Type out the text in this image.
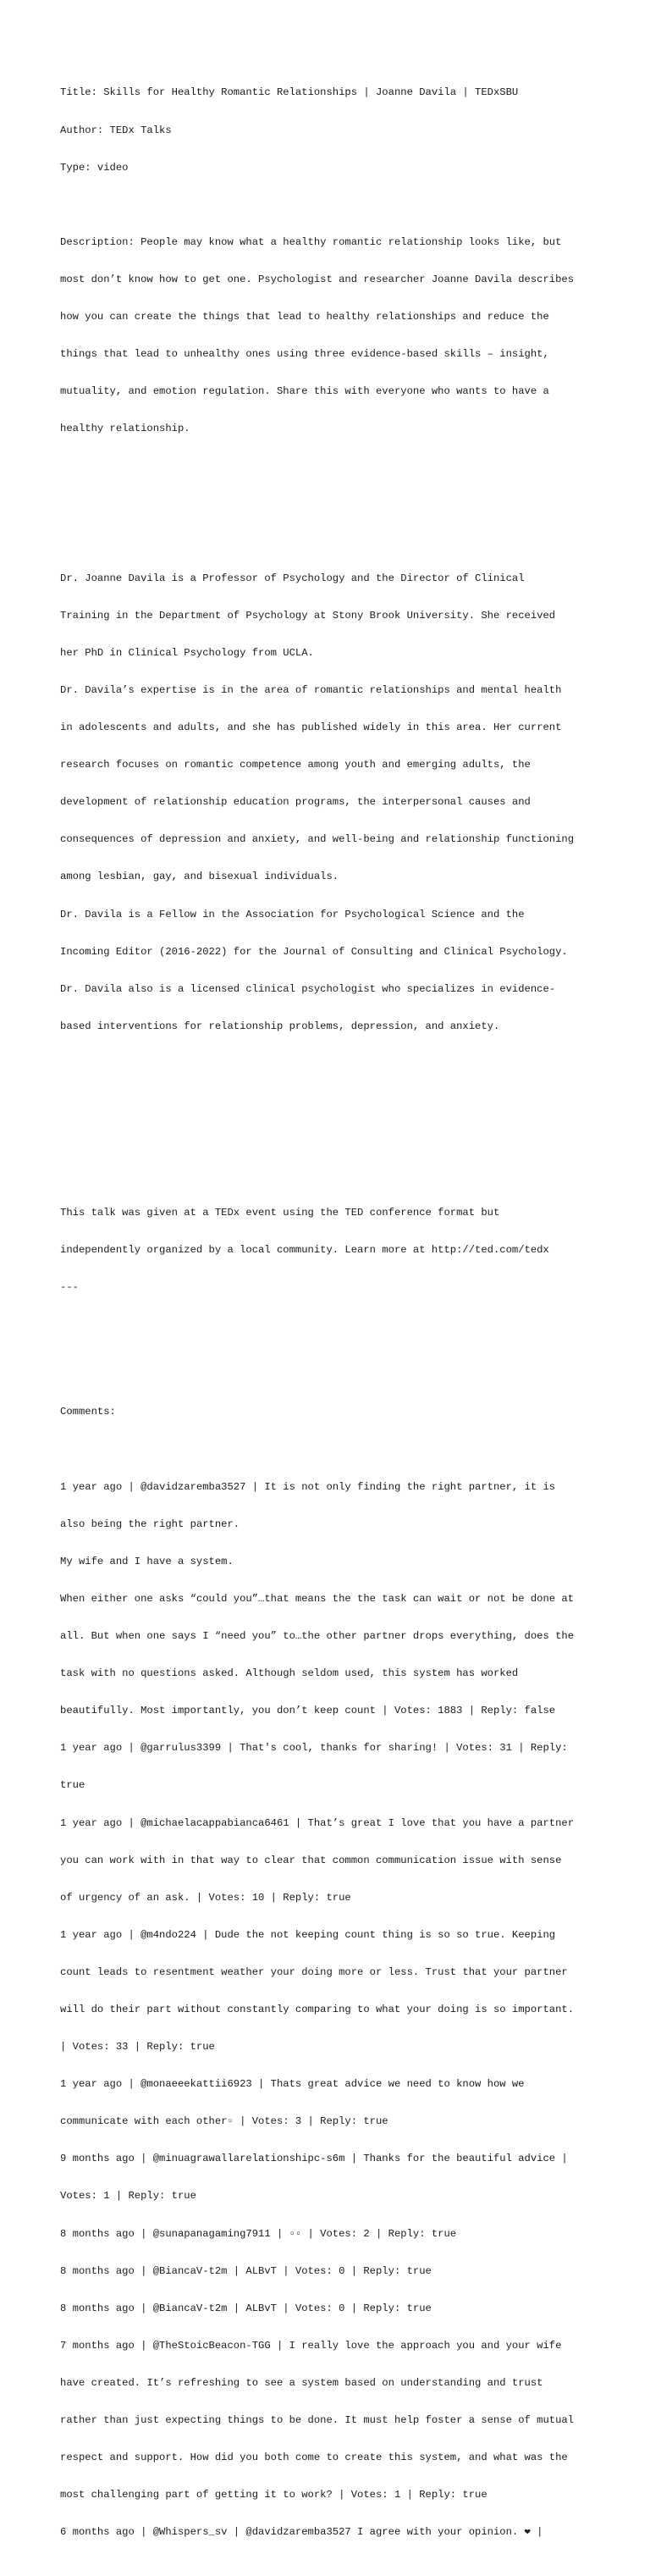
Title: Skills for Healthy Romantic Relationships | Joanne Davila | TEDxSBU

Author: TEDx Talks

Type: video

Description: People may know what a healthy romantic relationship looks like, but

most don’t know how to get one. Psychologist and researcher Joanne Davila describes

how you can create the things that lead to healthy relationships and reduce the

things that lead to unhealthy ones using three evidence-based skills – insight,

mutuality, and emotion regulation. Share this with everyone who wants to have a

healthy relationship.

Dr. Joanne Davila is a Professor of Psychology and the Director of Clinical

Training in the Department of Psychology at Stony Brook University. She received

her PhD in Clinical Psychology from UCLA.

Dr. Davila’s expertise is in the area of romantic relationships and mental health

in adolescents and adults, and she has published widely in this area. Her current

research focuses on romantic competence among youth and emerging adults, the

development of relationship education programs, the interpersonal causes and

consequences of depression and anxiety, and well-being and relationship functioning

among lesbian, gay, and bisexual individuals.

Dr. Davila is a Fellow in the Association for Psychological Science and the

Incoming Editor (2016-2022) for the Journal of Consulting and Clinical Psychology.

Dr. Davila also is a licensed clinical psychologist who specializes in evidence-

based interventions for relationship problems, depression, and anxiety.

This talk was given at a TEDx event using the TED conference format but

independently organized by a local community. Learn more at http://ted.com/tedx

---

Comments:

1 year ago | @davidzaremba3527 | It is not only finding the right partner, it is

also being the right partner.

My wife and I have a system.

When either one asks “could you”…that means the the task can wait or not be done at

all. But when one says I “need you” to…the other partner drops everything, does the

task with no questions asked. Although seldom used, this system has worked

beautifully. Most importantly, you don’t keep count | Votes: 1883 | Reply: false

1 year ago | @garrulus3399 | That's cool, thanks for sharing! | Votes: 31 | Reply:

true

1 year ago | @michaelacappabianca6461 | That’s great I love that you have a partner

you can work with in that way to clear that common communication issue with sense

of urgency of an ask. | Votes: 10 | Reply: true

1 year ago | @m4ndo224 | Dude the not keeping count thing is so so true. Keeping

count leads to resentment weather your doing more or less. Trust that your partner

will do their part without constantly comparing to what your doing is so important.

| Votes: 33 | Reply: true

1 year ago | @monaeeekattii6923 | Thats great advice we need to know how we

communicate with each other▫ | Votes: 3 | Reply: true

9 months ago | @minuagrawallarelationshipc-s6m | Thanks for the beautiful advice |

Votes: 1 | Reply: true

8 months ago | @sunapanagaming7911 | ▫▫ | Votes: 2 | Reply: true

8 months ago | @BiancaV-t2m | ALBvT | Votes: 0 | Reply: true

8 months ago | @BiancaV-t2m | ALBvT | Votes: 0 | Reply: true

7 months ago | @TheStoicBeacon-TGG | I really love the approach you and your wife

have created. It’s refreshing to see a system based on understanding and trust

rather than just expecting things to be done. It must help foster a sense of mutual

respect and support. How did you both come to create this system, and what was the

most challenging part of getting it to work? | Votes: 1 | Reply: true

6 months ago | @Whispers_sv | @davidzaremba3527 I agree with your opinion. ❤ |
